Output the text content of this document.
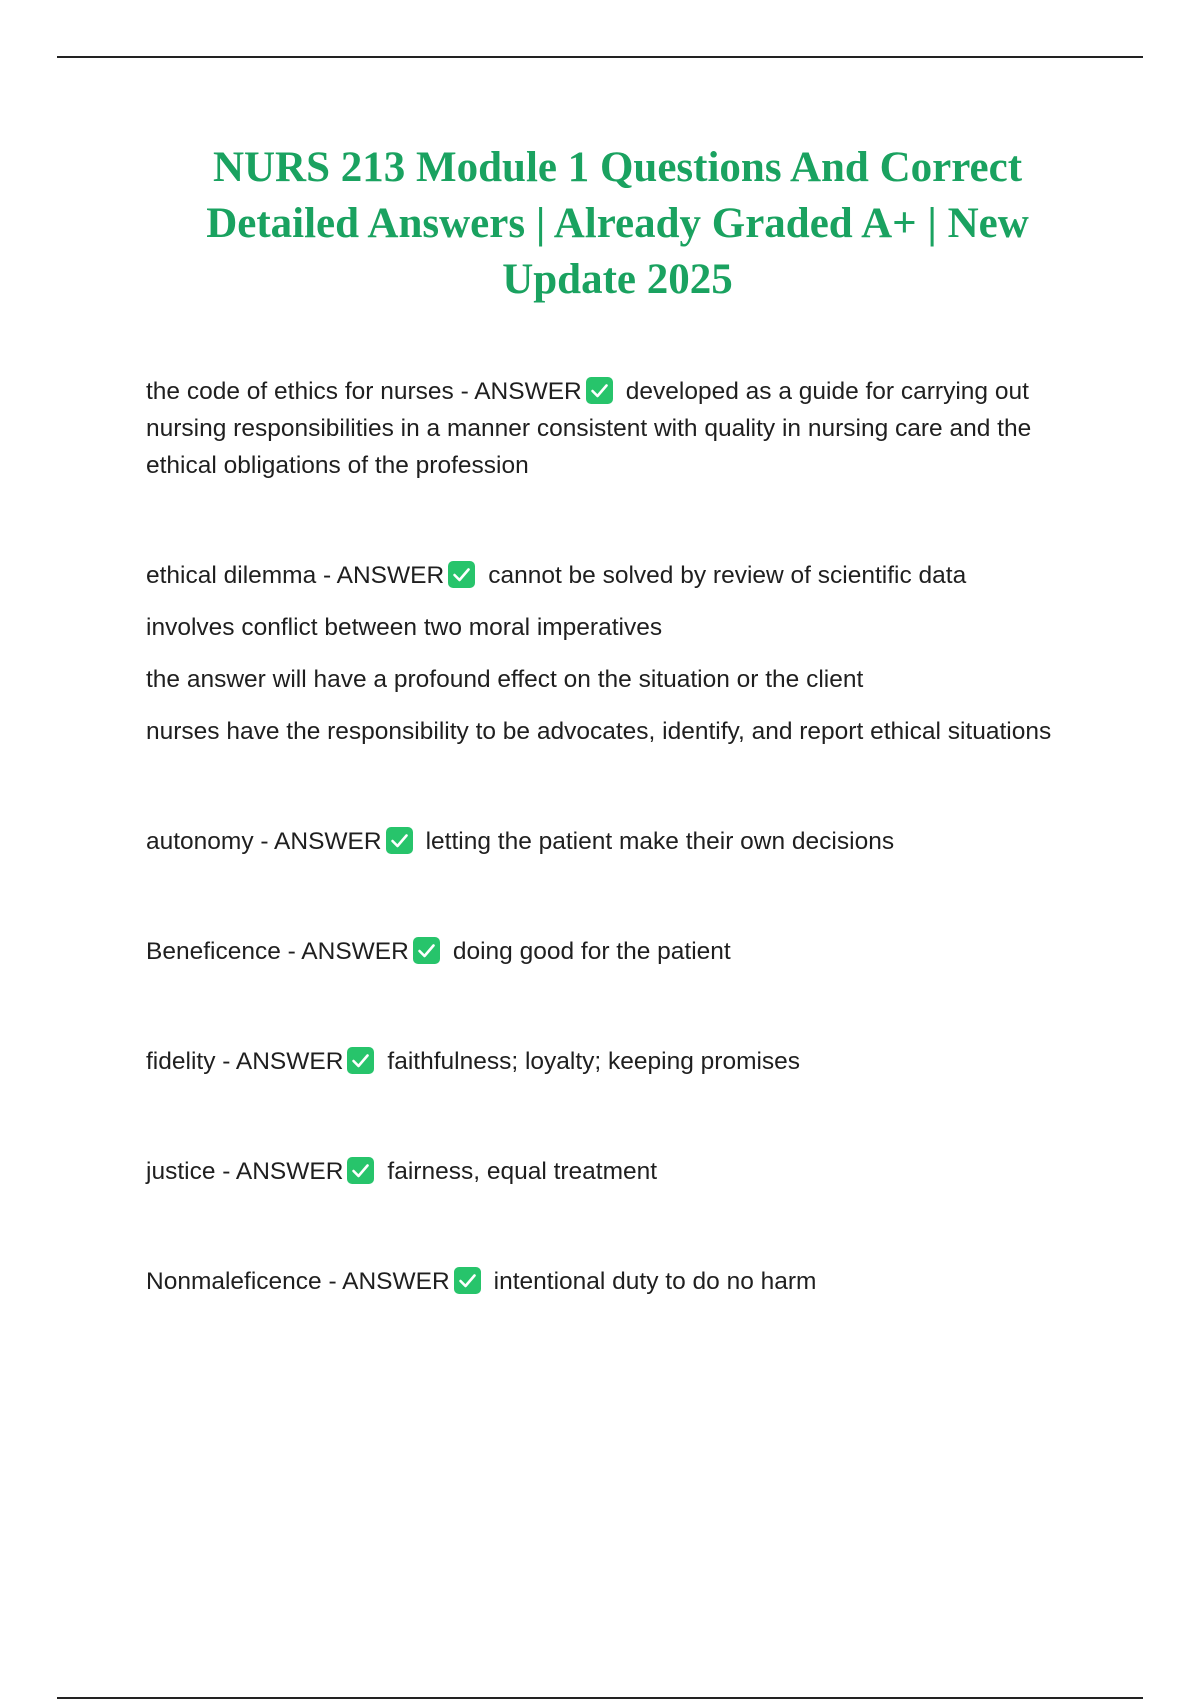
NURS 213 Module 1 Questions And Correct Detailed Answers | Already Graded A+ | New Update 2025

the code of ethics for nurses - ANSWER developed as a guide for carrying out nursing responsibilities in a manner consistent with quality in nursing care and the ethical obligations of the profession

ethical dilemma - ANSWER cannot be solved by review of scientific data

involves conflict between two moral imperatives

the answer will have a profound effect on the situation or the client

nurses have the responsibility to be advocates, identify, and report ethical situations

autonomy - ANSWER letting the patient make their own decisions

Beneficence - ANSWER doing good for the patient

fidelity - ANSWER faithfulness; loyalty; keeping promises

justice - ANSWER fairness, equal treatment

Nonmaleficence - ANSWER intentional duty to do no harm
